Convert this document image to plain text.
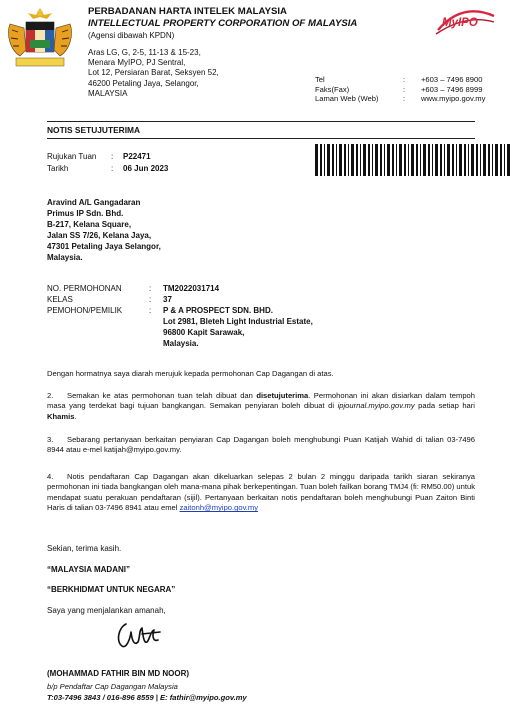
PERBADANAN HARTA INTELEK MALAYSIA
INTELLECTUAL PROPERTY CORPORATION OF MALAYSIA
(Agensi dibawah KPDN)
MyIPO
Aras LG, G, 2-5, 11-13 & 15-23,
Menara MyIPO, PJ Sentral,
Lot 12, Persiaran Barat, Seksyen 52,
46200 Petaling Jaya, Selangor,
MALAYSIA
Tel	:	+603 – 7496 8900
Faks(Fax)	:	+603 – 7496 8999
Laman Web (Web)	:	www.myipo.gov.my
NOTIS SETUJUTERIMA
Rujukan Tuan	:	P22471
Tarikh	:	06 Jun 2023
Aravind A/L Gangadaran
Primus IP Sdn. Bhd.
B-217, Kelana Square,
Jalan SS 7/26, Kelana Jaya,
47301 Petaling Jaya Selangor,
Malaysia.
NO. PERMOHONAN	:	TM2022031714
KELAS	:	37
PEMOHON/PEMILIK	:	P & A PROSPECT SDN. BHD.
Lot 2981, Bleteh Light Industrial Estate,
96800 Kapit Sarawak,
Malaysia.
Dengan hormatnya saya diarah merujuk kepada permohonan Cap Dagangan di atas.
2. Semakan ke atas permohonan tuan telah dibuat dan disetujuterima. Permohonan ini akan disiarkan dalam tempoh masa yang terdekat bagi tujuan bangkangan. Semakan penyiaran boleh dibuat di ipjournal.myipo.gov.my pada setiap hari Khamis.
3. Sebarang pertanyaan berkaitan penyiaran Cap Dagangan boleh menghubungi Puan Katijah Wahid di talian 03-7496 8944 atau e-mel katijah@myipo.gov.my.
4. Notis pendaftaran Cap Dagangan akan dikeluarkan selepas 2 bulan 2 minggu daripada tarikh siaran sekiranya permohonan ini tiada bangkangan oleh mana-mana pihak berkepentingan. Tuan boleh failkan borang TMJ4 (fi: RM50.00) untuk mendapat suatu perakuan pendaftaran (sijil). Pertanyaan berkaitan notis pendaftaran boleh menghubungi Puan Zaiton Binti Haris di talian 03-7496 8941 atau emel zaitonh@myipo.gov.my
Sekian, terima kasih.
“MALAYSIA MADANI”
“BERKHIDMAT UNTUK NEGARA”
Saya yang menjalankan amanah,
(MOHAMMAD FATHIR BIN MD NOOR)
b/p Pendaftar Cap Dagangan Malaysia
T:03-7496 3843 / 016-896 8559 | E: fathir@myipo.gov.my
